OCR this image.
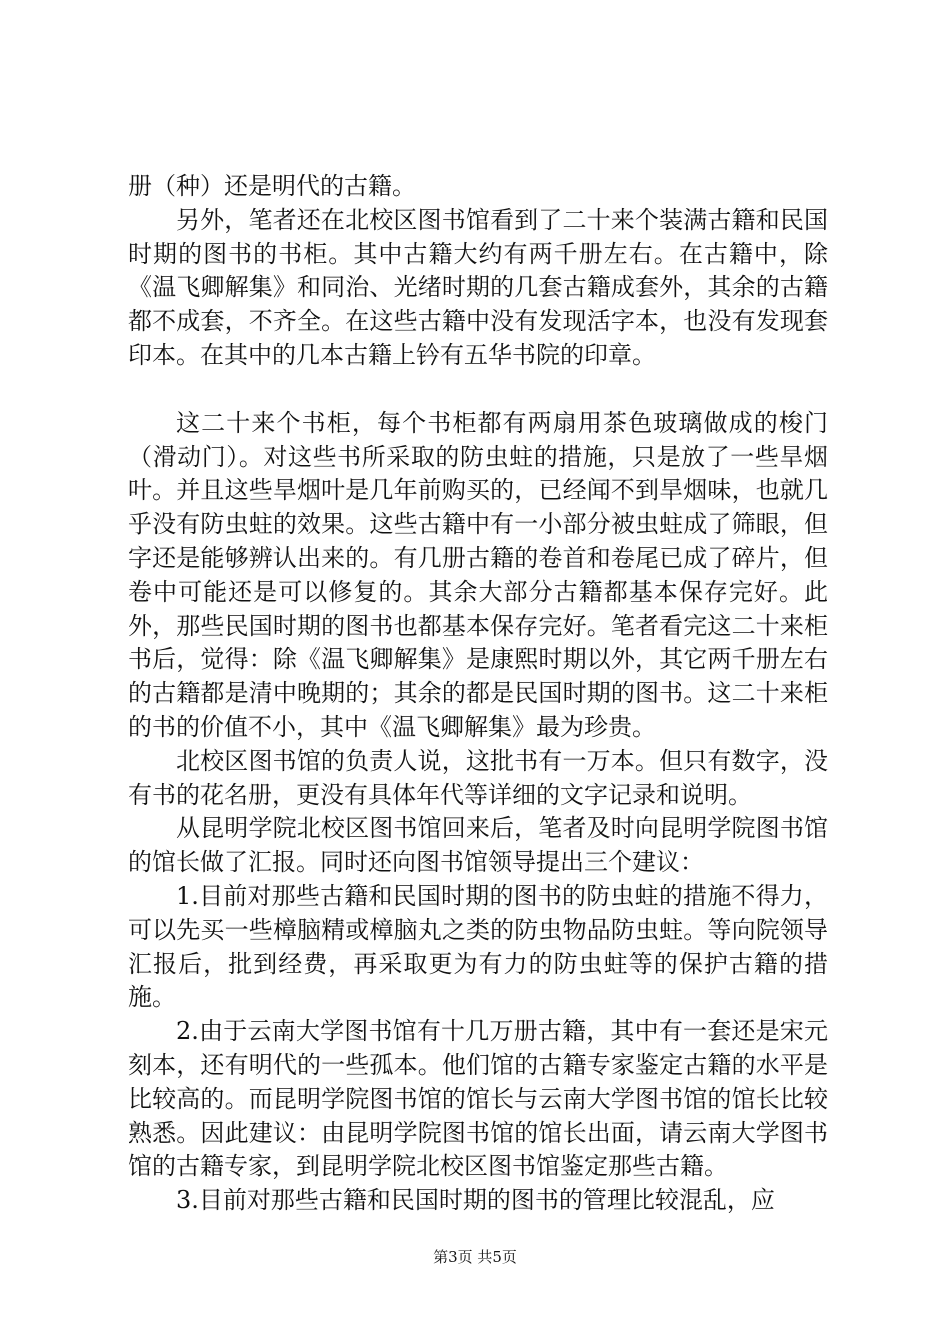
册（种）还是明代的古籍。

另外，笔者还在北校区图书馆看到了二十来个装满古籍和民国时期的图书的书柜。其中古籍大约有两千册左右。在古籍中，除《温飞卿解集》和同治、光绪时期的几套古籍成套外，其余的古籍都不成套，不齐全。在这些古籍中没有发现活字本，也没有发现套印本。在其中的几本古籍上钤有五华书院的印章。

这二十来个书柜，每个书柜都有两扇用茶色玻璃做成的梭门（滑动门）。对这些书所采取的防虫蛀的措施，只是放了一些旱烟叶。并且这些旱烟叶是几年前购买的，已经闻不到旱烟味，也就几乎没有防虫蛀的效果。这些古籍中有一小部分被虫蛀成了筛眼，但字还是能够辨认出来的。有几册古籍的卷首和卷尾已成了碎片，但卷中可能还是可以修复的。其余大部分古籍都基本保存完好。此外，那些民国时期的图书也都基本保存完好。笔者看完这二十来柜书后，觉得：除《温飞卿解集》是康熙时期以外，其它两千册左右的古籍都是清中晚期的；其余的都是民国时期的图书。这二十来柜的书的价值不小，其中《温飞卿解集》最为珍贵。

北校区图书馆的负责人说，这批书有一万本。但只有数字，没有书的花名册，更没有具体年代等详细的文字记录和说明。

从昆明学院北校区图书馆回来后，笔者及时向昆明学院图书馆的馆长做了汇报。同时还向图书馆领导提出三个建议：

1.目前对那些古籍和民国时期的图书的防虫蛀的措施不得力，可以先买一些樟脑精或樟脑丸之类的防虫物品防虫蛀。等向院领导汇报后，批到经费，再采取更为有力的防虫蛀等的保护古籍的措施。

2.由于云南大学图书馆有十几万册古籍，其中有一套还是宋元刻本，还有明代的一些孤本。他们馆的古籍专家鉴定古籍的水平是比较高的。而昆明学院图书馆的馆长与云南大学图书馆的馆长比较熟悉。因此建议：由昆明学院图书馆的馆长出面，请云南大学图书馆的古籍专家，到昆明学院北校区图书馆鉴定那些古籍。

3.目前对那些古籍和民国时期的图书的管理比较混乱，应

第3页 共5页
